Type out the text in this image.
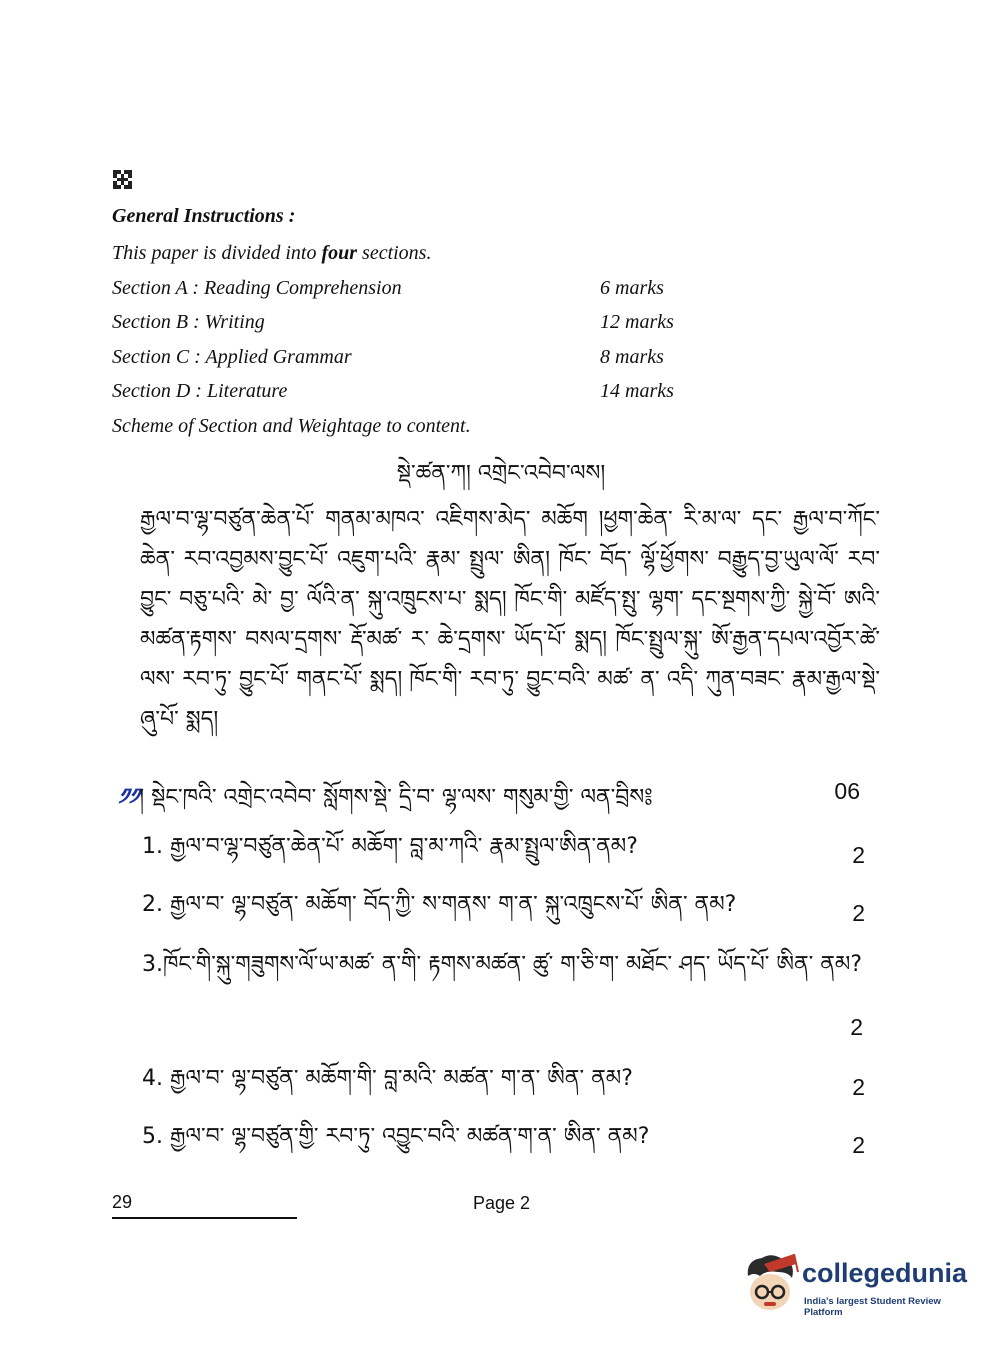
General Instructions :
This paper is divided into four sections.
Section A : Reading Comprehension	6 marks
Section B : Writing	12 marks
Section C : Applied Grammar	8 marks
Section D : Literature	14 marks
Scheme of Section and Weightage to content.
སྡེ་ཚན་ཀ། འགྲེང་འབེབ་ལས།
རྒྱལ་བ་ལྷ་བཙུན་ཆེན་པོ་ གནམ་མཁའ་ འཇིགས་མེད་ མཆོག །ཕྱག་ཆེན་ རི་མ་ལ་ དང་ རྒྱལ་བ་ཀོང་ཆེན་ རབ་འབྱམས་བྱུང་པོ་ འཇུག་པའི་ རྣམ་ སྤྲུལ་ ཨིན། ཁོང་ བོད་ ལྷོ་ཕྱོགས་ བརྒྱུད་བྱ་ཡུལ་ལོ་ རབ་བྱུང་ བཅུ་པའི་ མེ་ བྱ་ ལོའི་ན་ སྐུ་འཁྲུངས་པ་ སྨད། ཁོང་གི་ མཛོད་སྤུ་ ལྷག་ དང་སྔགས་ཀྱི་ སྐྱེ་བོ་ ཨའི་ མཚན་རྟགས་ བསལ་དྲགས་ རྡོ་མཚ་ ར་ ཆེ་དྲགས་ ཡོད་པོ་ སྨད། ཁོང་སྤྲུལ་སྐུ་ ཨོ་རྒྱན་དཔལ་འབྱོར་ཚེ་ ལས་ རབ་ཏུ་ བྱུང་པོ་ གནང་པོ་ སྨད། ཁོང་གི་ རབ་ཏུ་ བྱུང་བའི་ མཚ་ ན་ འདི་ ཀུན་བཟང་ རྣམ་རྒྱལ་སྡེ་ཞུ་པོ་ སྨད།
༡༡། སྡེང་ཁའི་ འགྲེང་འབེབ་ སློགས་སྡེ་ དྲི་བ་ ལྷ་ལས་ གསུམ་གྱི་ ལན་བྲིས༔	06
1. རྒྱལ་བ་ལྷ་བཙུན་ཆེན་པོ་ མཆོག་ བླ་མ་ཀའི་ རྣམ་སྤྲུལ་ཨིན་ནམ?	2
2. རྒྱལ་བ་ ལྷ་བཙུན་ མཆོག་ བོད་ཀྱི་ ས་གནས་ ག་ན་ སྐུ་འཁྲུངས་པོ་ ཨིན་ ནམ?	2
3.ཁོང་གི་སྐུ་གཟུགས་ལོ་ཡ་མཚ་ ན་གི་ རྟགས་མཚན་ ཚུ་ ག་ཅི་ག་ མཐོང་ ཤད་ ཡོད་པོ་ ཨིན་ ནམ?
2
4. རྒྱལ་བ་ ལྷ་བཙུན་ མཆོག་གི་ བླ་མའི་ མཚན་ ག་ན་ ཨིན་ ནམ?	2
5. རྒྱལ་བ་ ལྷ་བཙུན་གྱི་ རབ་ཏུ་ འབྱུང་བའི་ མཚན་ག་ན་ ཨིན་ ནམ?	2
29	Page 2
collegedunia
India's largest Student Review Platform
